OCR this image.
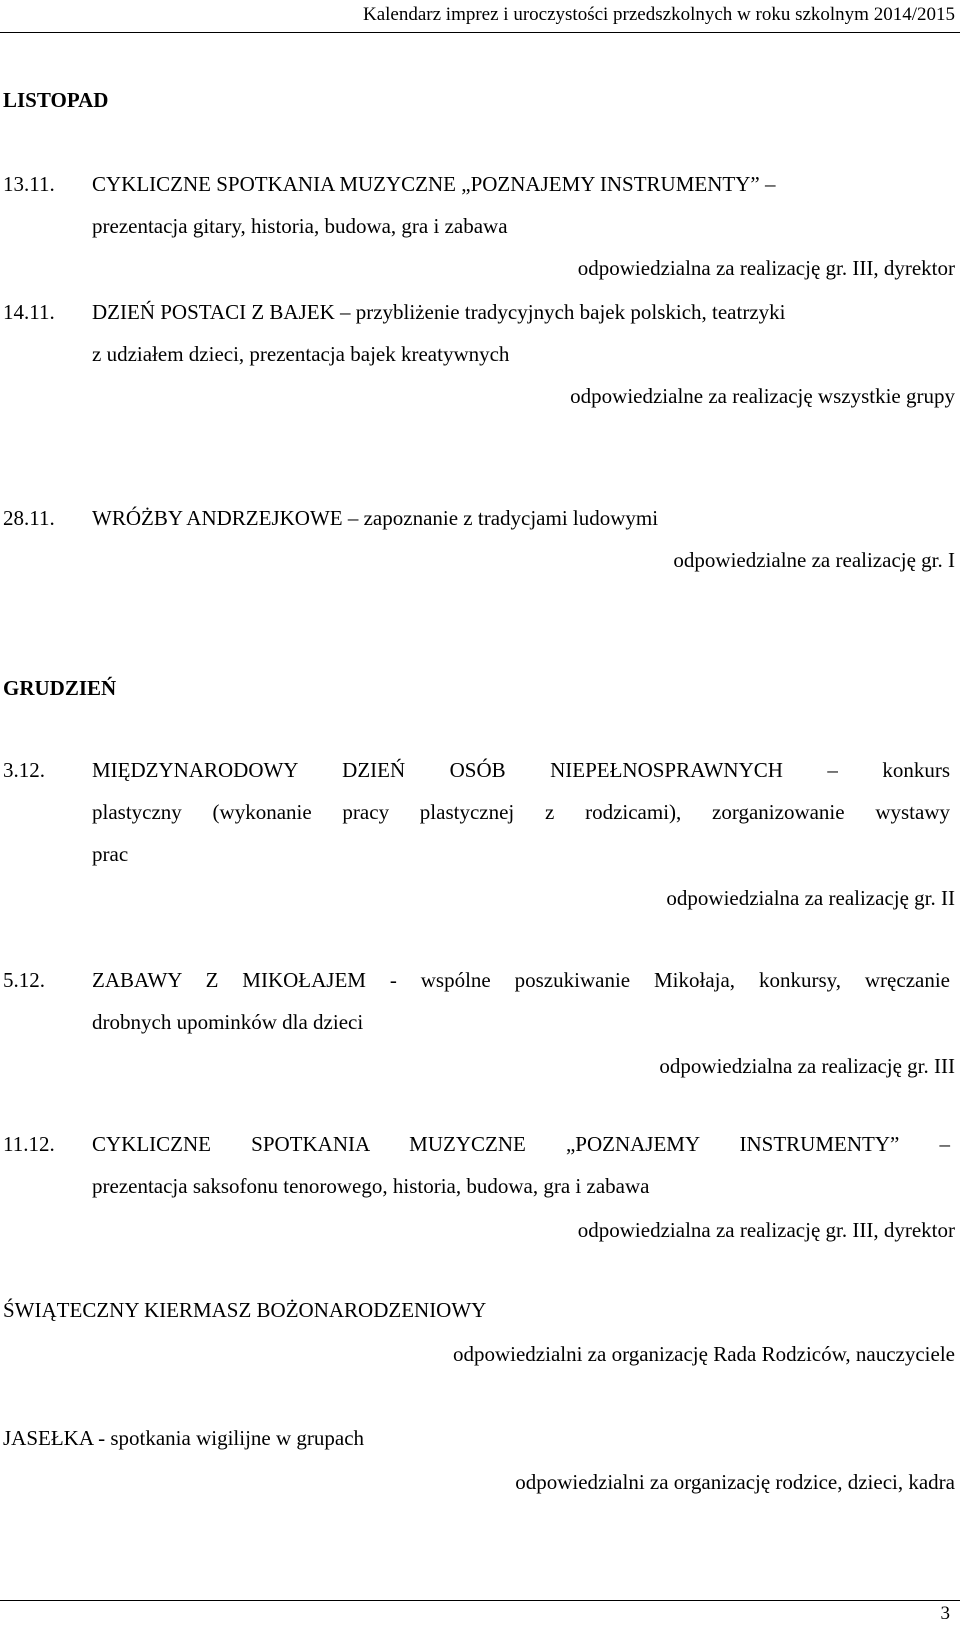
Kalendarz imprez i uroczystości przedszkolnych w roku szkolnym 2014/2015
LISTOPAD
13.11. CYKLICZNE SPOTKANIA MUZYCZNE „POZNAJEMY INSTRUMENTY” –
prezentacja gitary, historia, budowa, gra i zabawa
odpowiedzialna za realizację gr. III, dyrektor
14.11. DZIEŃ POSTACI Z BAJEK – przybliżenie tradycyjnych bajek polskich, teatrzyki
z udziałem dzieci, prezentacja bajek kreatywnych
odpowiedzialne za realizację wszystkie grupy
28.11. WRÓŻBY ANDRZEJKOWE – zapoznanie z tradycjami ludowymi
odpowiedzialne za realizację gr. I
GRUDZIEŃ
3.12. MIĘDZYNARODOWY DZIEŃ OSÓB NIEPEŁNOSPRAWNYCH – konkurs
plastyczny (wykonanie pracy plastycznej z rodzicami), zorganizowanie wystawy
prac
odpowiedzialna za realizację gr. II
5.12. ZABAWY Z MIKOŁAJEM - wspólne poszukiwanie Mikołaja, konkursy, wręczanie
drobnych upominków dla dzieci
odpowiedzialna za realizację gr. III
11.12. CYKLICZNE SPOTKANIA MUZYCZNE „POZNAJEMY INSTRUMENTY” –
prezentacja saksofonu tenorowego, historia, budowa, gra i zabawa
odpowiedzialna za realizację gr. III, dyrektor
ŚWIĄTECZNY KIERMASZ BOŻONARODZENIOWY
odpowiedzialni za organizację Rada Rodziców, nauczyciele
JASEŁKA - spotkania wigilijne w grupach
odpowiedzialni za organizację rodzice, dzieci, kadra
3
